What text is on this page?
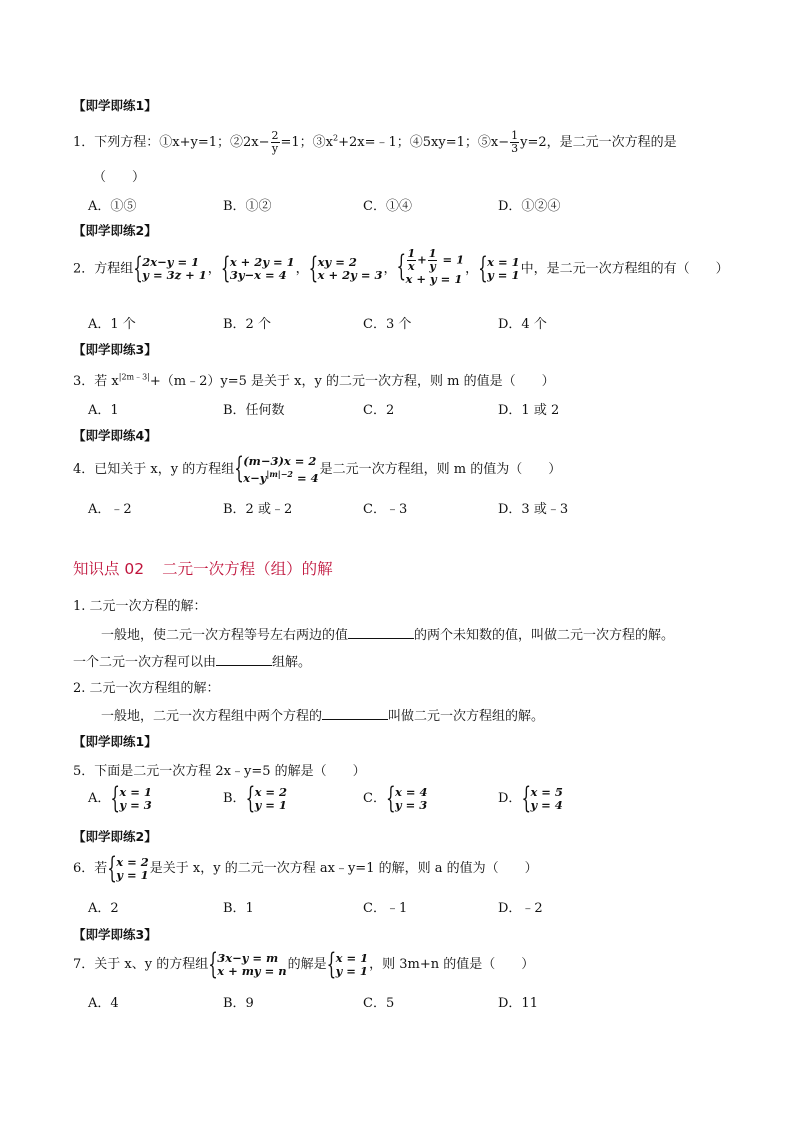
【即学即练1】
1．下列方程：①x+y=1；②2x− $\frac{2}{y} =1$；$③x^2+2x=﹣1$；④5xy=1；⑤x− $\frac{1}{3} y=2$，是二元一次方程的是
（　　）
A．①⑤	B．①②	C．①④	D．①②④
【即学即练2】
2．方程组 { 2x−y = 1
y = 3z + 1 ， { x + 2y = 1
3y−x = 4 ， { xy = 2
x + 2y = 3 ， { $\frac{1}{x} + \frac{1}{y} = 1$
x + y = 1
， { x = 1
y = 1 中，是二元一次方程组的有（　　）
A．1 个	B．2 个	C．3 个	D．4 个
【即学即练3】
3．若 $x^{|2m﹣3|}+(m﹣2)y=5$ 是关于 x，y 的二元一次方程，则 m 的值是（　　）
A．1	B．任何数	C．2	D．1 或 2
【即学即练4】
4．已知关于 x，y 的方程组
{ (m−3)x = 2
$x-y^{|m|-2} = 4$
是二元一次方程组，则 m 的值为（　　）
A．﹣2	B．2 或﹣2	C．﹣3	D．3 或﹣3
知识点 02 二元一次方程（组）的解
1. 二元一次方程的解：
一般地，使二元一次方程等号左右两边的值	的两个未知数的值，叫做二元一次方程的解。
一个二元一次方程可以由	组解。
2. 二元一次方程组的解：
一般地，二元一次方程组中两个方程的	叫做二元一次方程组的解。
【即学即练1】
5．下面是二元一次方程 2x﹣y=5 的解是（　　）
A． { x = 1
y = 3	B． { x = 2
y = 1	C． { x = 4
y = 3	D． { x = 5
y = 4
【即学即练2】
6．若 { x = 2
y = 1 是关于 x，y 的二元一次方程 ax﹣y=1 的解，则 a 的值为（　　）
A．2	B．1	C．﹣1	D．﹣2
【即学即练3】
7．关于 x、y 的方程组 { 3x−y = m
x + my = n 的解是 { x = 1
y = 1 ，则 3m+n 的值是（　　）
A．4	B．9	C．5	D．11
